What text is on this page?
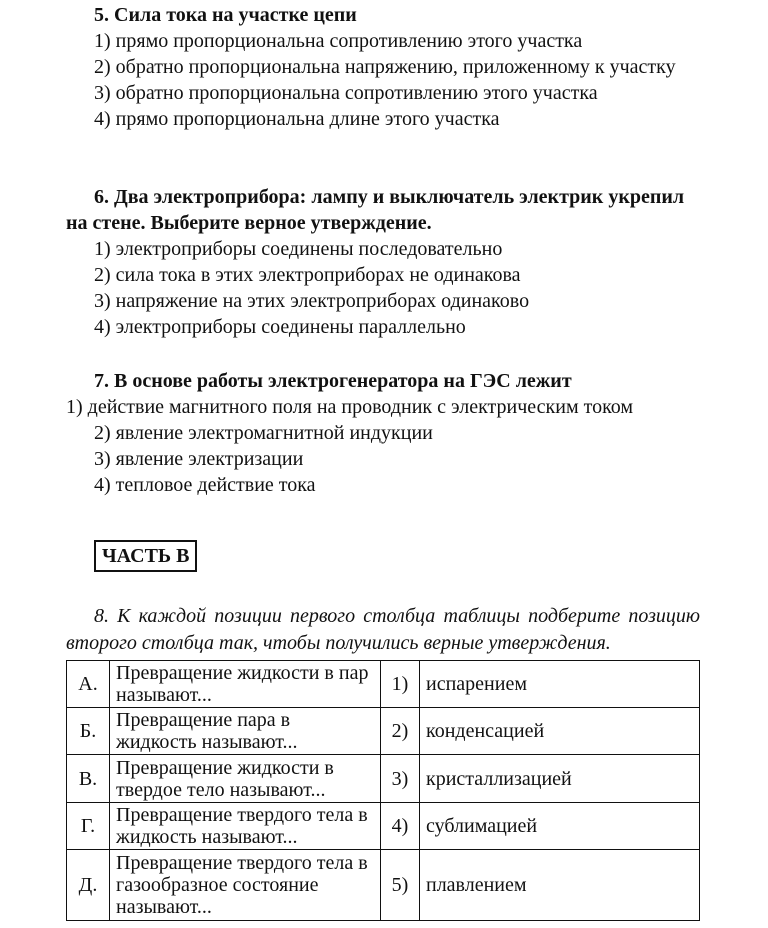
5. Сила тока на участке цепи
1) прямо пропорциональна сопротивлению этого участка
2) обратно пропорциональна напряжению, приложенному к участку
3) обратно пропорциональна сопротивлению этого участка
4) прямо пропорциональна длине этого участка
6. Два электроприбора: лампу и выключатель электрик укрепил на стене. Выберите верное утверждение.
1) электроприборы соединены последовательно
2) сила тока в этих электроприборах не одинакова
3) напряжение на этих электроприборах одинаково
4) электроприборы соединены параллельно
7. В основе работы электрогенератора на ГЭС лежит
1) действие магнитного поля на проводник с электрическим током
2) явление электромагнитной индукции
3) явление электризации
4) тепловое действие тока
ЧАСТЬ В
8. К каждой позиции первого столбца таблицы подберите позицию второго столбца так, чтобы получились верные утверждения.
А.	Превращение жидкости в пар называют...	1)	испарением
Б.	Превращение пара в жидкость называют...	2)	конденсацией
В.	Превращение жидкости в твердое тело называют...	3)	кристаллизацией
Г.	Превращение твердого тела в жидкость называют...	4)	сублимацией
Д.	Превращение твердого тела в газообразное состояние называют...	5)	плавлением
